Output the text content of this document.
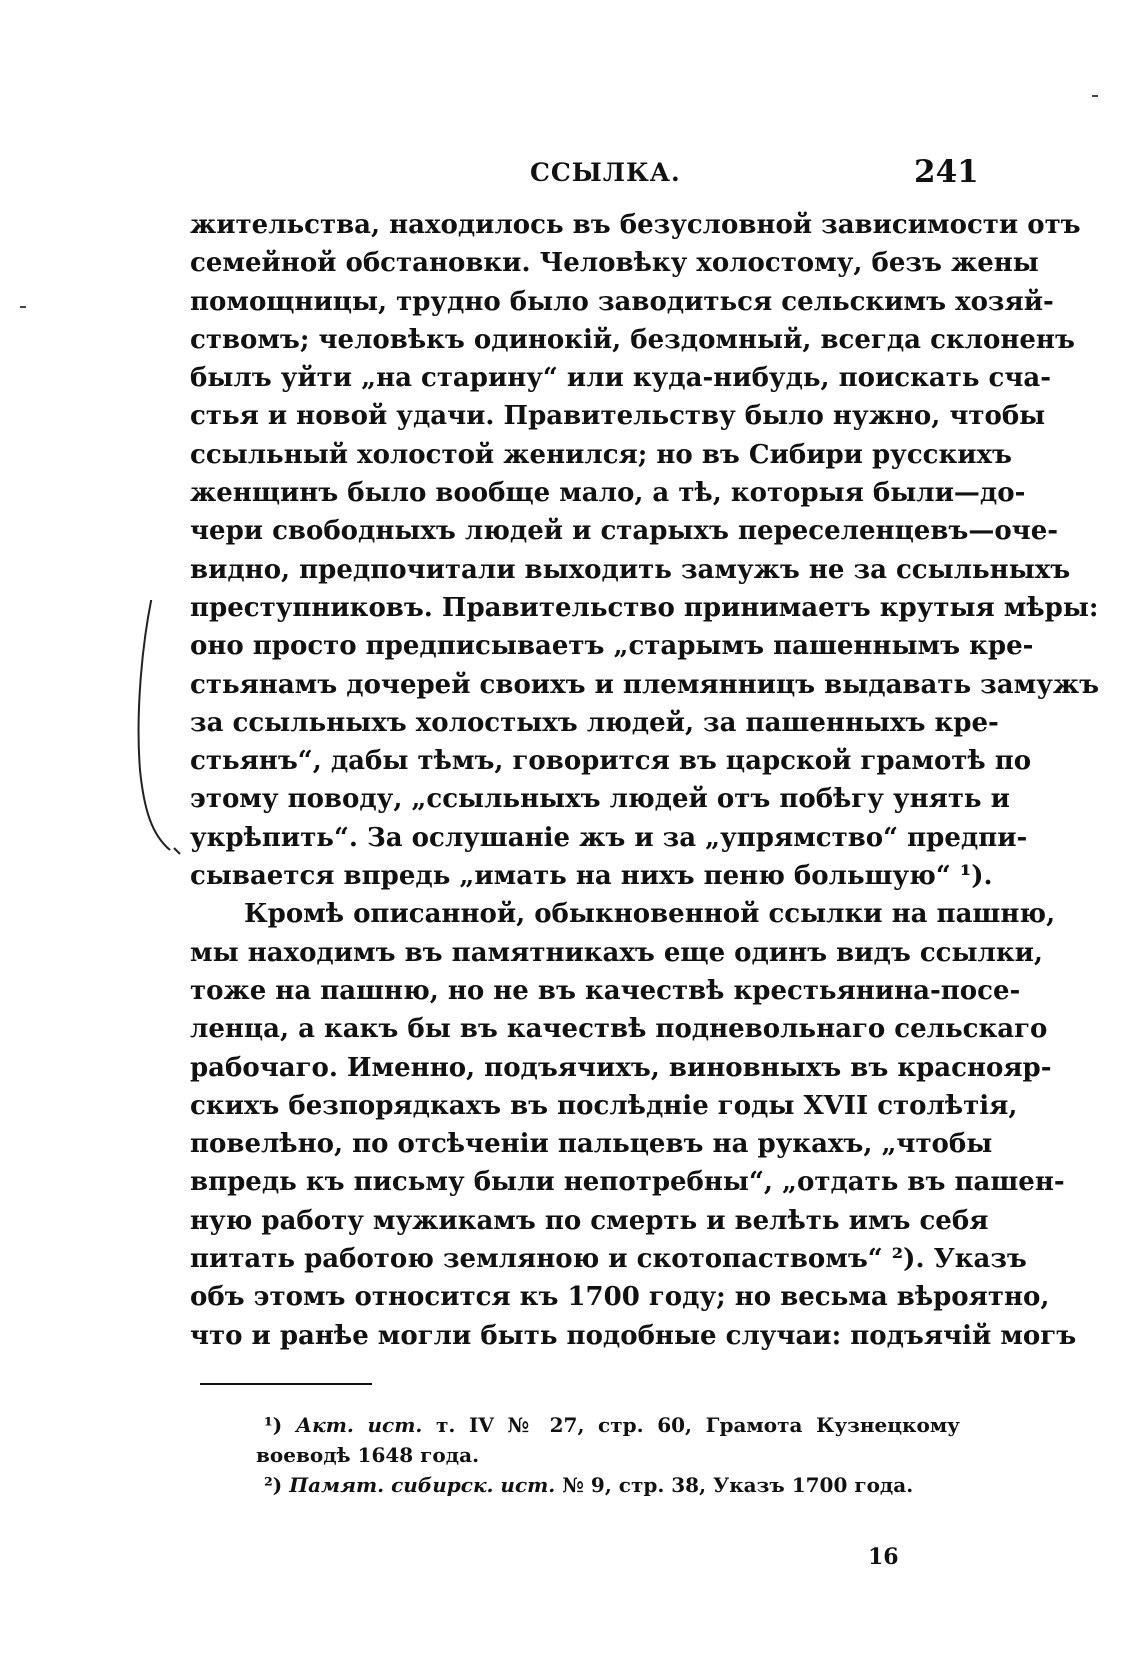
ССЫЛКА.	241
жительства, находилось въ безусловной зависимости отъ
семейной обстановки. Человѣку холостому, безъ жены
помощницы, трудно было заводиться сельскимъ хозяй-
ствомъ; человѣкъ одинокій, бездомный, всегда склоненъ
былъ уйти „на старину“ или куда-нибудь, поискать сча-
стья и новой удачи. Правительству было нужно, чтобы
ссыльный холостой женился; но въ Сибири русскихъ
женщинъ было вообще мало, а тѣ, которыя были—до-
чери свободныхъ людей и старыхъ переселенцевъ—оче-
видно, предпочитали выходить замужъ не за ссыльныхъ
преступниковъ. Правительство принимаетъ крутыя мѣры:
оно просто предписываетъ „старымъ пашеннымъ кре-
стьянамъ дочерей своихъ и племянницъ выдавать замужъ
за ссыльныхъ холостыхъ людей, за пашенныхъ кре-
стьянъ“, дабы тѣмъ, говорится въ царской грамотѣ по
этому поводу, „ссыльныхъ людей отъ побѣгу унять и
укрѣпить“. За ослушаніе жъ и за „упрямство“ предпи-
сывается впредь „имать на нихъ пеню большую“ ¹).
Кромѣ описанной, обыкновенной ссылки на пашню,
мы находимъ въ памятникахъ еще одинъ видъ ссылки,
тоже на пашню, но не въ качествѣ крестьянина-посе-
ленца, а какъ бы въ качествѣ подневольнаго сельскаго
рабочаго. Именно, подъячихъ, виновныхъ въ краснояр-
скихъ безпорядкахъ въ послѣдніе годы XVII столѣтія,
повелѣно, по отсѣченіи пальцевъ на рукахъ, „чтобы
впредь къ письму были непотребны“, „отдать въ пашен-
ную работу мужикамъ по смерть и велѣть имъ себя
питать работою земляною и скотопаствомъ“ ²). Указъ
объ этомъ относится къ 1700 году; но весьма вѣроятно,
что и ранѣе могли быть подобные случаи: подъячій могъ
¹) Акт. ист. т. IV № 27, стр. 60, Грамота Кузнецкому
воеводѣ 1648 года.
²) Памят. сибирск. ист. № 9, стр. 38, Указъ 1700 года.
16
